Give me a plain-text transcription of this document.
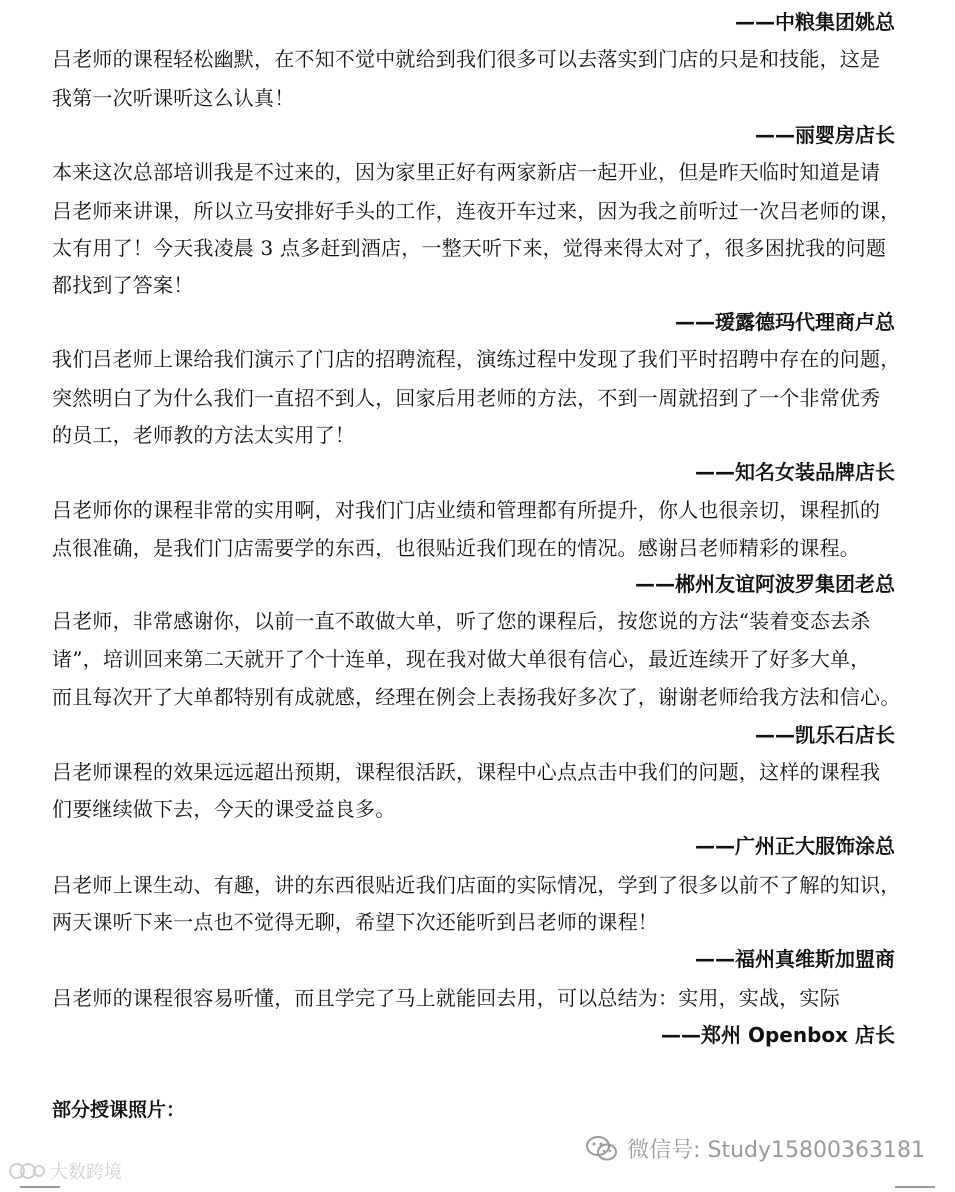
——中粮集团姚总
吕老师的课程轻松幽默，在不知不觉中就给到我们很多可以去落实到门店的只是和技能，这是
我第一次听课听这么认真！
——丽婴房店长
本来这次总部培训我是不过来的，因为家里正好有两家新店一起开业，但是昨天临时知道是请
吕老师来讲课，所以立马安排好手头的工作，连夜开车过来，因为我之前听过一次吕老师的课，
太有用了！今天我凌晨 3 点多赶到酒店，一整天听下来，觉得来得太对了，很多困扰我的问题
都找到了答案！
——瑷露德玛代理商卢总
我们吕老师上课给我们演示了门店的招聘流程，演练过程中发现了我们平时招聘中存在的问题，
突然明白了为什么我们一直招不到人，回家后用老师的方法，不到一周就招到了一个非常优秀
的员工，老师教的方法太实用了！
——知名女装品牌店长
吕老师你的课程非常的实用啊，对我们门店业绩和管理都有所提升，你人也很亲切，课程抓的
点很准确，是我们门店需要学的东西，也很贴近我们现在的情况。感谢吕老师精彩的课程。
——郴州友谊阿波罗集团老总
吕老师，非常感谢你，以前一直不敢做大单，听了您的课程后，按您说的方法“装着变态去杀
诸”，培训回来第二天就开了个十连单，现在我对做大单很有信心，最近连续开了好多大单，
而且每次开了大单都特别有成就感，经理在例会上表扬我好多次了，谢谢老师给我方法和信心。
——凯乐石店长
吕老师课程的效果远远超出预期，课程很活跃，课程中心点点击中我们的问题，这样的课程我
们要继续做下去，今天的课受益良多。
——广州正大服饰涂总
吕老师上课生动、有趣，讲的东西很贴近我们店面的实际情况，学到了很多以前不了解的知识，
两天课听下来一点也不觉得无聊，希望下次还能听到吕老师的课程！
——福州真维斯加盟商
吕老师的课程很容易听懂，而且学完了马上就能回去用，可以总结为：实用，实战，实际
——郑州 Openbox 店长
部分授课照片：
微信号: Study15800363181
大数跨境
